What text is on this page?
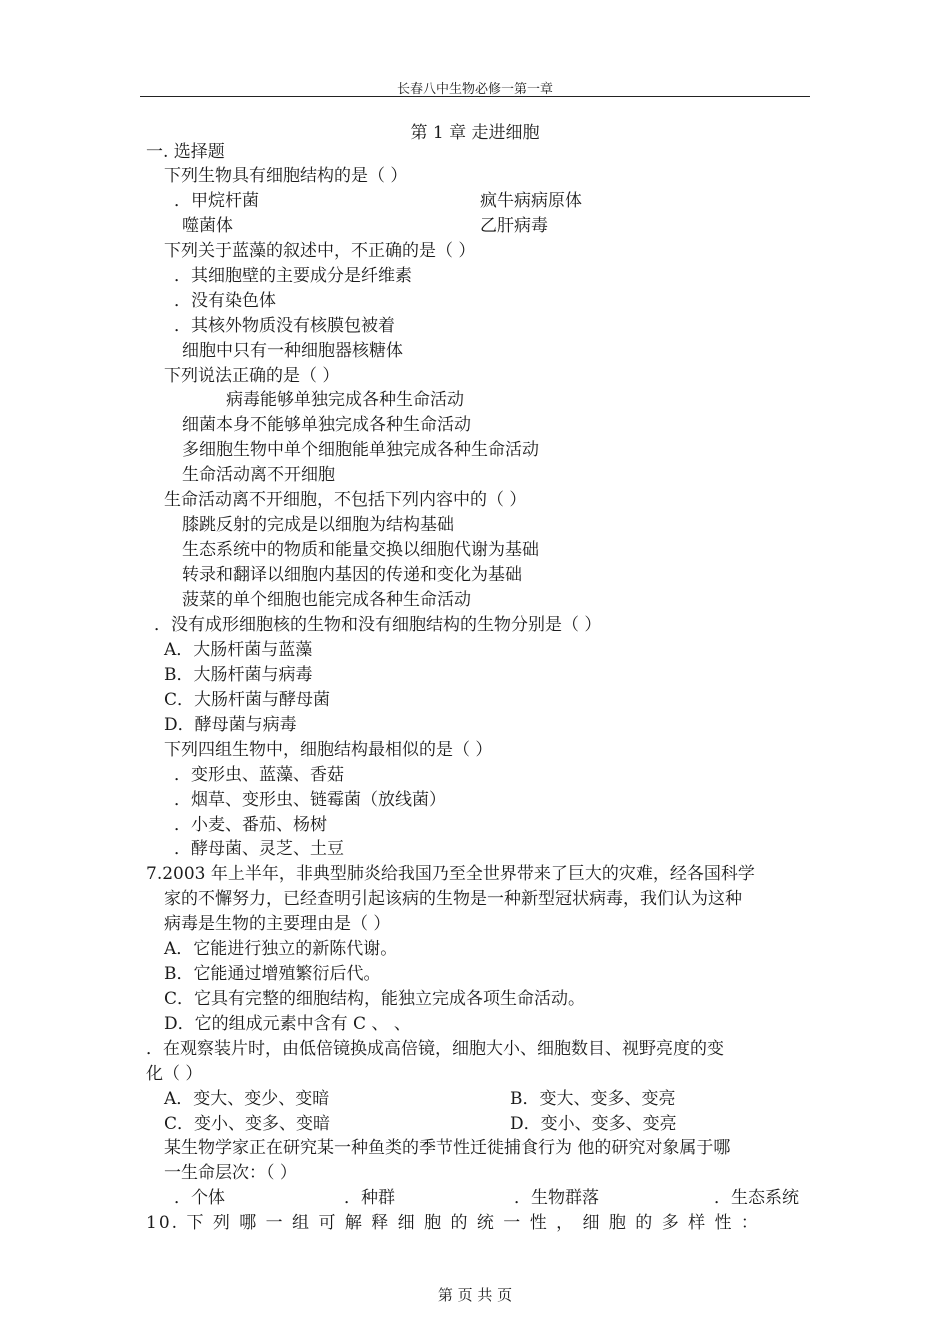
长春八中生物必修一第一章
第 1 章 走进细胞
一. 选择题
下列生物具有细胞结构的是（ ）
．甲烷杆菌	疯牛病病原体
噬菌体	乙肝病毒
下列关于蓝藻的叙述中，不正确的是（ ）
．其细胞壁的主要成分是纤维素
．没有染色体
．其核外物质没有核膜包被着
细胞中只有一种细胞器核糖体
下列说法正确的是（ ）
病毒能够单独完成各种生命活动
细菌本身不能够单独完成各种生命活动
多细胞生物中单个细胞能单独完成各种生命活动
生命活动离不开细胞
生命活动离不开细胞，不包括下列内容中的（ ）
膝跳反射的完成是以细胞为结构基础
生态系统中的物质和能量交换以细胞代谢为基础
转录和翻译以细胞内基因的传递和变化为基础
菠菜的单个细胞也能完成各种生命活动
．没有成形细胞核的生物和没有细胞结构的生物分别是（ ）
A．大肠杆菌与蓝藻
B．大肠杆菌与病毒
C．大肠杆菌与酵母菌
D．酵母菌与病毒
下列四组生物中，细胞结构最相似的是（ ）
．变形虫、蓝藻、香菇
．烟草、变形虫、链霉菌（放线菌）
．小麦、番茄、杨树
．酵母菌、灵芝、土豆
7.2003 年上半年，非典型肺炎给我国乃至全世界带来了巨大的灾难，经各国科学
家的不懈努力，已经查明引起该病的生物是一种新型冠状病毒，我们认为这种
病毒是生物的主要理由是（ ）
A．它能进行独立的新陈代谢。
B．它能通过增殖繁衍后代。
C．它具有完整的细胞结构，能独立完成各项生命活动。
D．它的组成元素中含有 C 、 、
．在观察装片时，由低倍镜换成高倍镜，细胞大小、细胞数目、视野亮度的变
化（ ）
A．变大、变少、变暗	B．变大、变多、变亮
C．变小、变多、变暗	D．变小、变多、变亮
某生物学家正在研究某一种鱼类的季节性迁徙捕食行为 他的研究对象属于哪
一生命层次：（ ）
．个体	．种群	．生物群落	．生态系统
10. 下 列 哪 一 组 可 解 释 细 胞 的 统 一 性 ， 细 胞 的 多 样 性 ：
第 页 共 页
